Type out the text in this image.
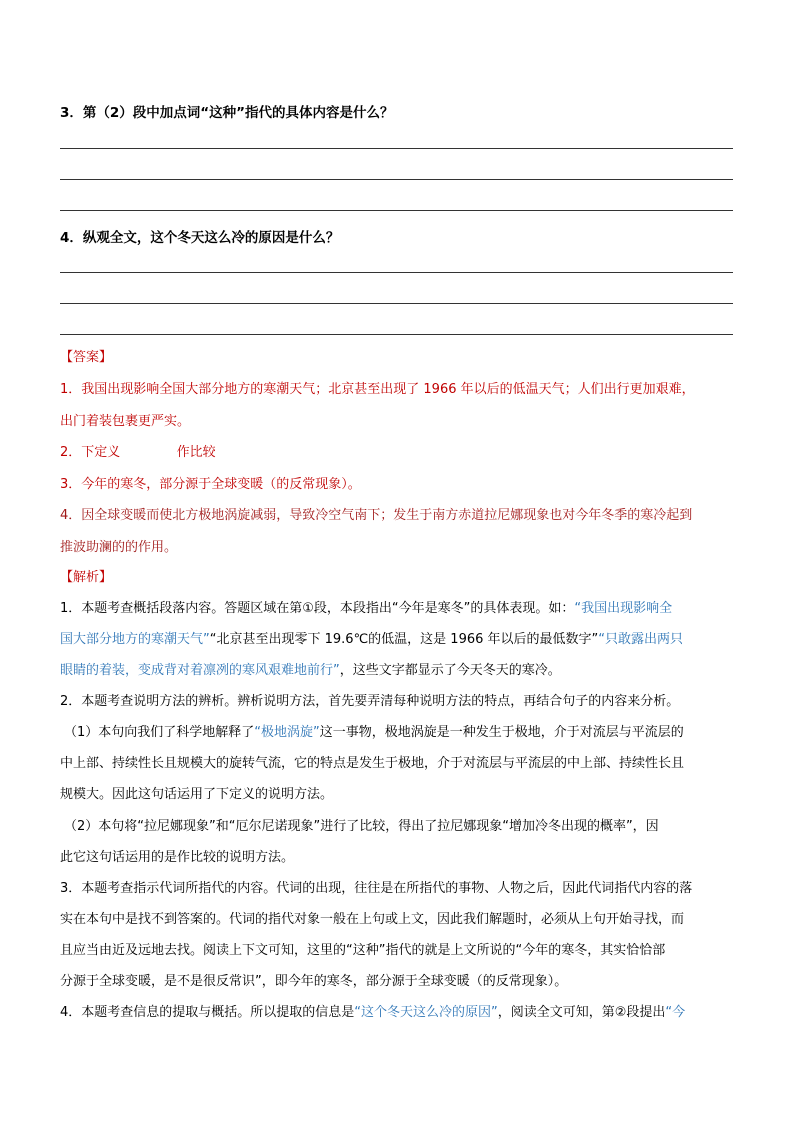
3．第（2）段中加点词“这种”指代的具体内容是什么？
4．纵观全文，这个冬天这么冷的原因是什么？
【答案】
1．我国出现影响全国大部分地方的寒潮天气；北京甚至出现了 1966 年以后的低温天气；人们出行更加艰难，
出门着装包裹更严实。
2．下定义	作比较
3．今年的寒冬，部分源于全球变暖（的反常现象）。
4．因全球变暖而使北方极地涡旋减弱，导致冷空气南下；发生于南方赤道拉尼娜现象也对今年冬季的寒冷起到
推波助澜的的作用。
【解析】
1．本题考查概括段落内容。答题区域在第①段，本段指出“今年是寒冬”的具体表现。如：“我国出现影响全
国大部分地方的寒潮天气”“北京甚至出现零下 19.6℃的低温，这是 1966 年以后的最低数字”“只敢露出两只
眼睛的着装，变成背对着凛冽的寒风艰难地前行”，这些文字都显示了今天冬天的寒冷。
2．本题考查说明方法的辨析。辨析说明方法，首先要弄清每种说明方法的特点，再结合句子的内容来分析。
（1）本句向我们了科学地解释了“极地涡旋”这一事物，极地涡旋是一种发生于极地，介于对流层与平流层的
中上部、持续性长且规模大的旋转气流，它的特点是发生于极地，介于对流层与平流层的中上部、持续性长且
规模大。因此这句话运用了下定义的说明方法。
（2）本句将“拉尼娜现象”和“厄尔尼诺现象”进行了比较，得出了拉尼娜现象“增加冷冬出现的概率”，因
此它这句话运用的是作比较的说明方法。
3．本题考查指示代词所指代的内容。代词的出现，往往是在所指代的事物、人物之后，因此代词指代内容的落
实在本句中是找不到答案的。代词的指代对象一般在上句或上文，因此我们解题时，必须从上句开始寻找，而
且应当由近及远地去找。阅读上下文可知，这里的“这种”指代的就是上文所说的“今年的寒冬，其实恰恰部
分源于全球变暖，是不是很反常识”，即今年的寒冬，部分源于全球变暖（的反常现象）。
4．本题考查信息的提取与概括。所以提取的信息是“这个冬天这么冷的原因”，阅读全文可知，第②段提出“今
